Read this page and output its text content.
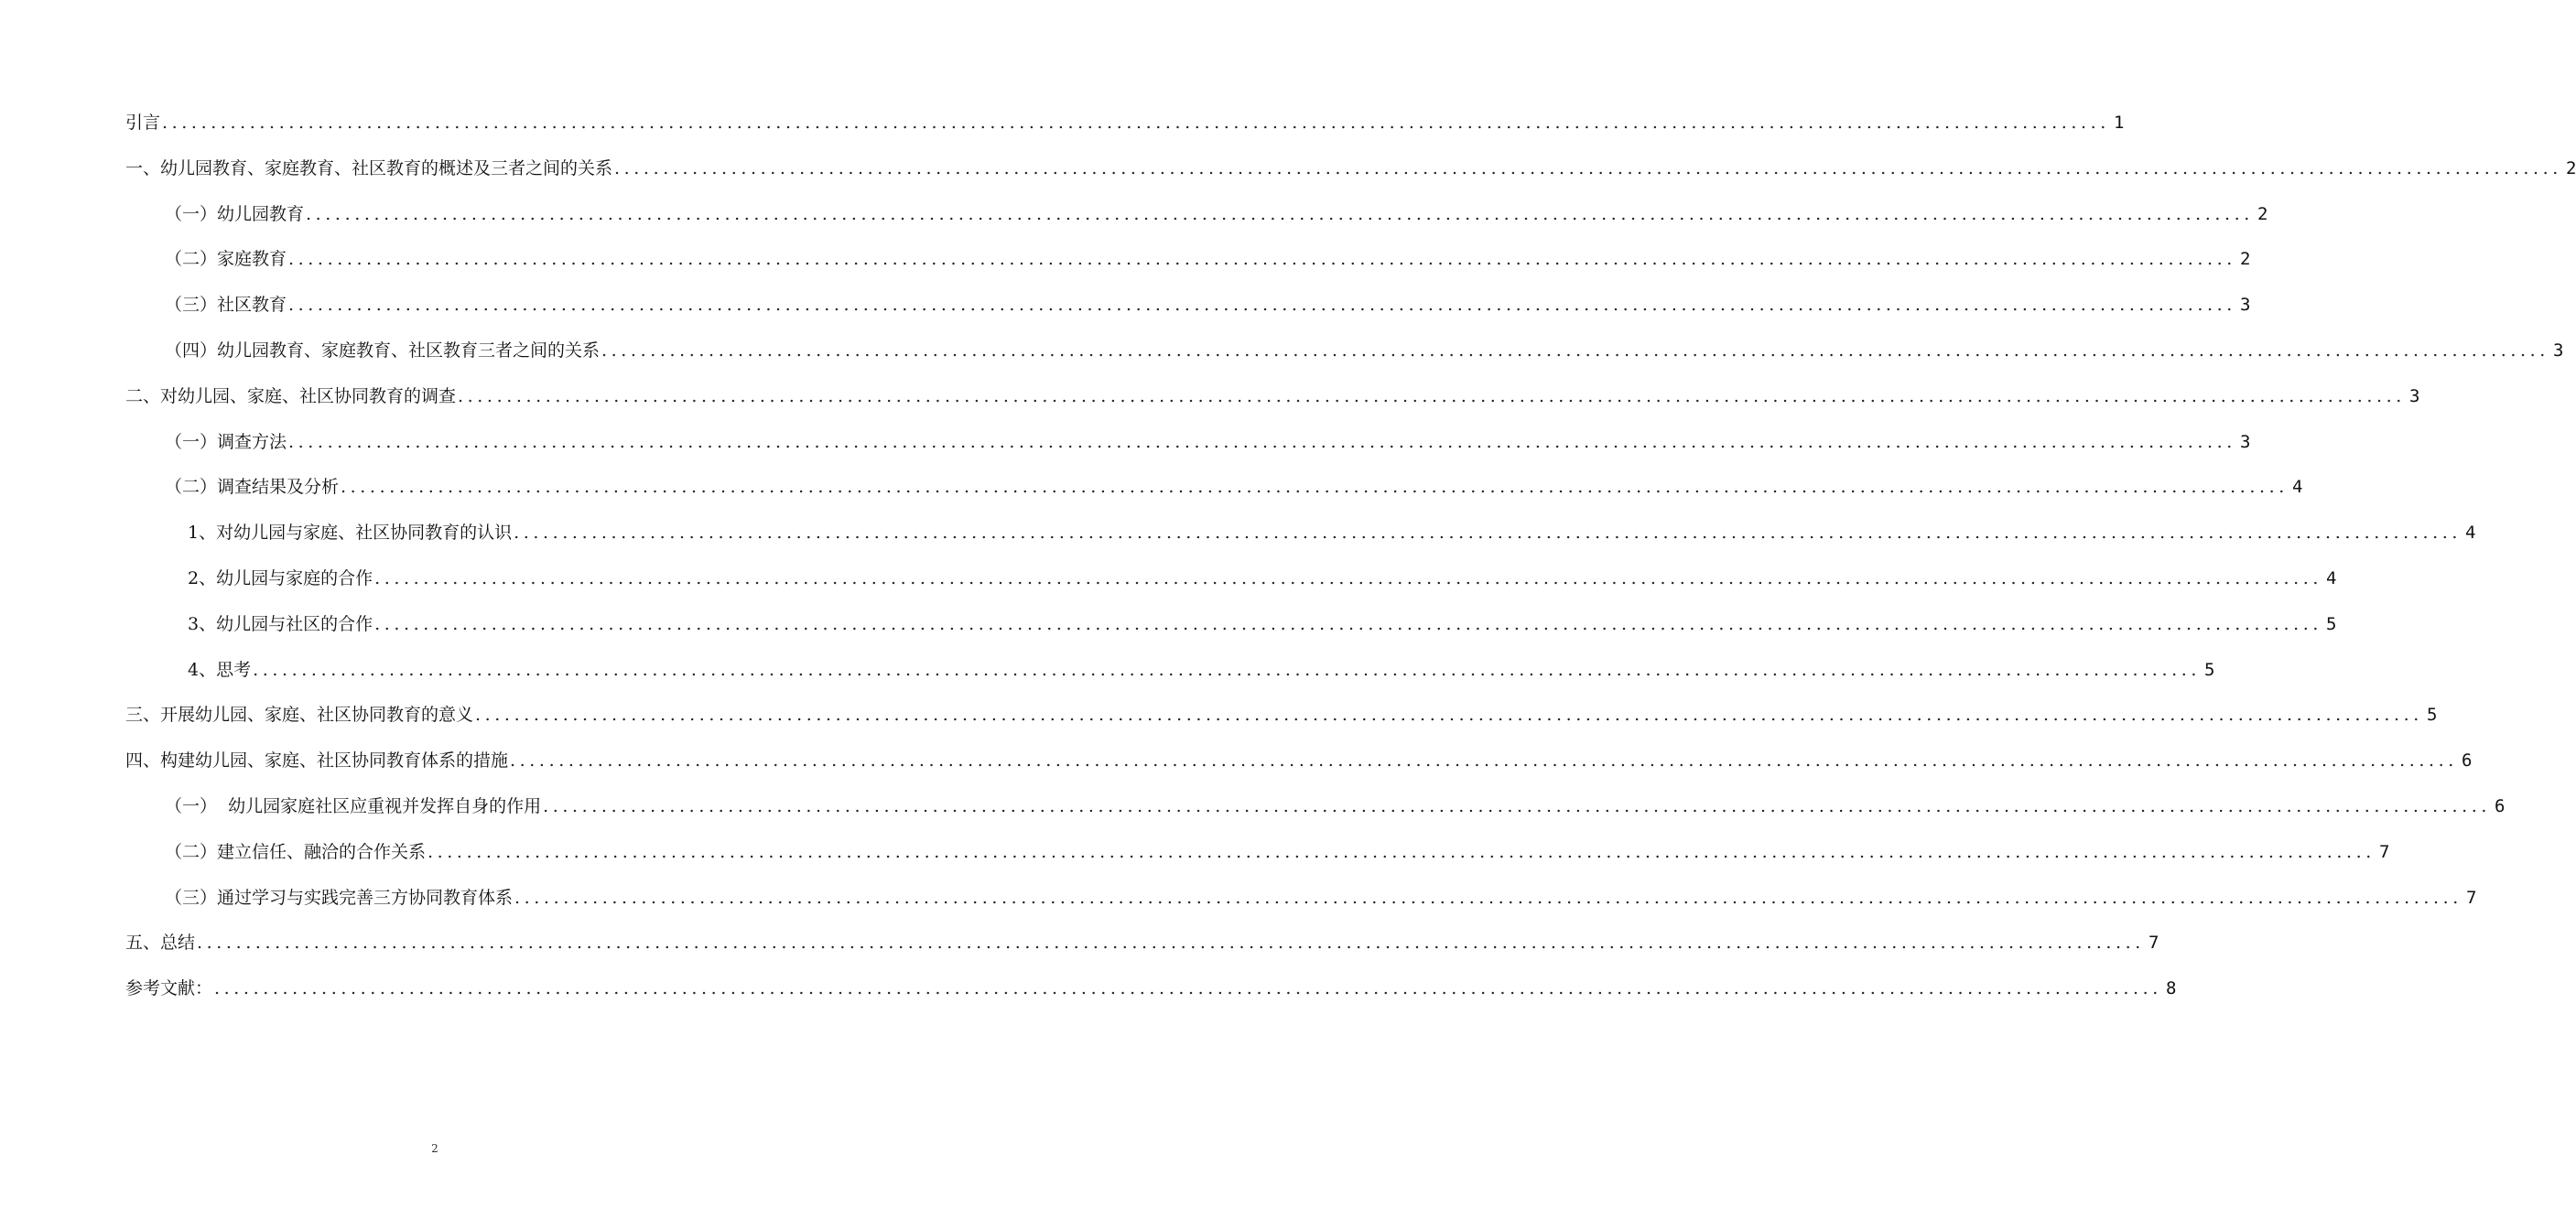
引言 ........................................................................................................................................................................................................ 1
一、幼儿园教育、家庭教育、社区教育的概述及三者之间的关系 ........................................................................................................................................................................................................ 2
（一）幼儿园教育 ........................................................................................................................................................................................................ 2
（二）家庭教育 ........................................................................................................................................................................................................ 2
（三）社区教育 ........................................................................................................................................................................................................ 3
（四）幼儿园教育、家庭教育、社区教育三者之间的关系 ........................................................................................................................................................................................................ 3
二、对幼儿园、家庭、社区协同教育的调查 ........................................................................................................................................................................................................ 3
（一）调查方法 ........................................................................................................................................................................................................ 3
（二）调查结果及分析 ........................................................................................................................................................................................................ 4
1、对幼儿园与家庭、社区协同教育的认识 ........................................................................................................................................................................................................ 4
2、幼儿园与家庭的合作 ........................................................................................................................................................................................................ 4
3、幼儿园与社区的合作 ........................................................................................................................................................................................................ 5
4、思考 ........................................................................................................................................................................................................ 5
三、开展幼儿园、家庭、社区协同教育的意义 ........................................................................................................................................................................................................ 5
四、构建幼儿园、家庭、社区协同教育体系的措施 ........................................................................................................................................................................................................ 6
（一）  幼儿园家庭社区应重视并发挥自身的作用 ........................................................................................................................................................................................................ 6
（二）建立信任、融洽的合作关系 ........................................................................................................................................................................................................ 7
（三）通过学习与实践完善三方协同教育体系 ........................................................................................................................................................................................................ 7
五、总结 ........................................................................................................................................................................................................ 7
参考文献： ........................................................................................................................................................................................................ 8
2
